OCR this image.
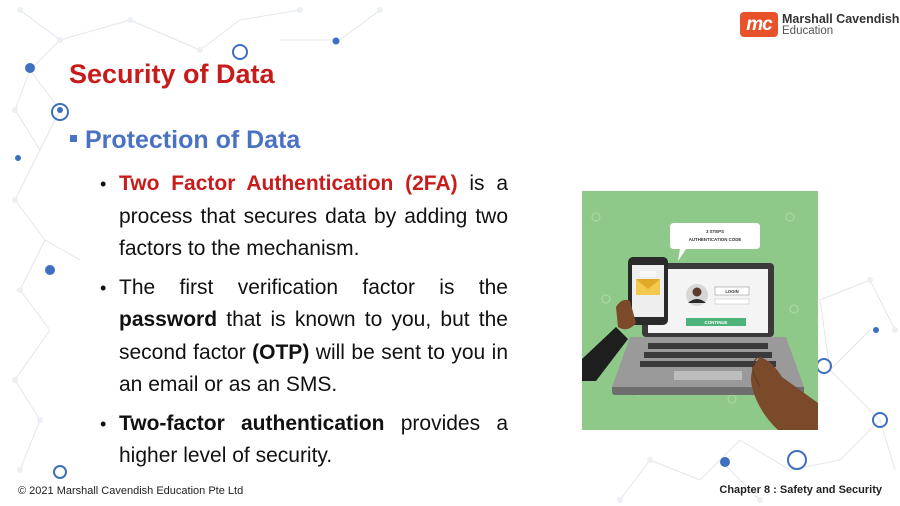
mc Marshall Cavendish
Education
Security of Data
Protection of Data
• Two Factor Authentication (2FA) is a process that secures data by adding two factors to the mechanism.
• The first verification factor is the password that is known to you, but the second factor (OTP) will be sent to you in an email or as an SMS.
• Two-factor authentication provides a higher level of security.
3 STEPS
AUTHENTICATION CODE
LOGIN
CONTINUE
© 2021 Marshall Cavendish Education Pte Ltd	Chapter 8 : Safety and Security
